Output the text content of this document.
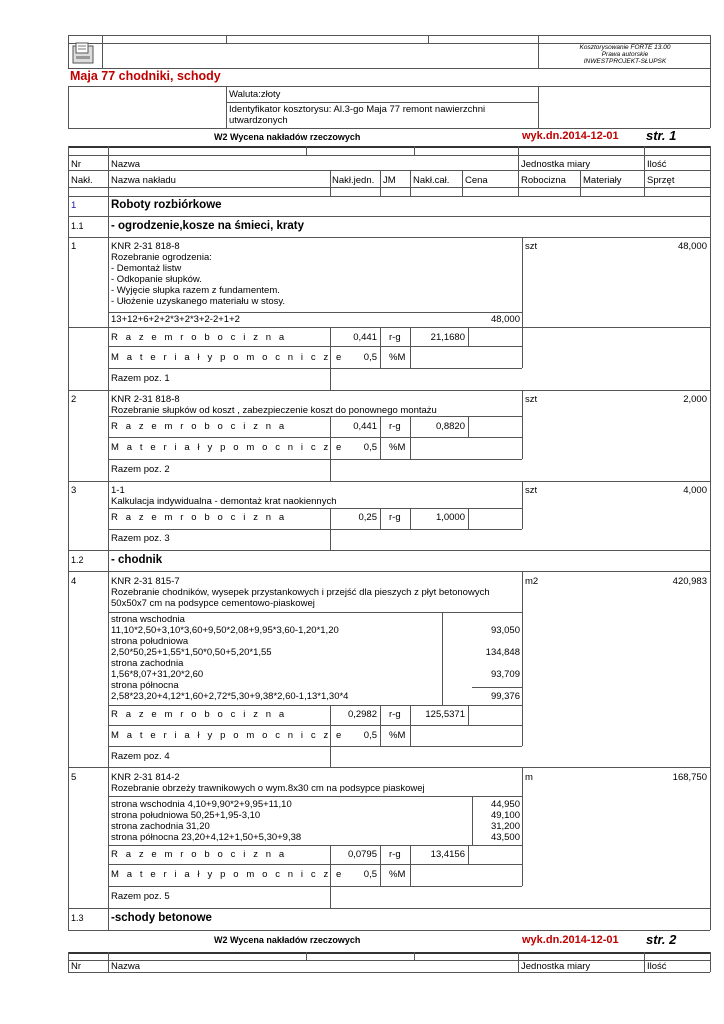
Kosztorysowanie FORTE 13.00
Prawa autorskie
INWESTPROJEKT-SŁUPSK
Maja 77 chodniki, schody
Waluta:złoty
Identyfikator kosztorysu: Al.3-go Maja 77 remont nawierzchni
utwardzonych
W2 Wycena nakładów rzeczowych	wyk.dn.2014-12-01 str. 1
Nr	Nazwa	Jednostka miary	Ilość
Nakł. Nazwa nakładu	Nakł.jedn. JM Nakł.cał. Cena	Robocizna Materiały	Sprzęt
1	Roboty rozbiórkowe
1.1 - ogrodzenie,kosze na śmieci, kraty
1	KNR 2-31 818-8
Rozebranie ogrodzenia:
- Demontaż listw
- Odkopanie słupków.
- Wyjęcie słupka razem z fundamentem.
- Ułożenie uzyskanego materiału w stosy.
szt	48,000
13+12+6+2+2*3+2*3+2-2+1+2	48,000
R a z e m r o b o c i z n a	0,441 r-g	21,1680
M a t e r i a ł y p o m o c n i c z e	0,5 %M
Razem poz. 1
2	KNR 2-31 818-8
Rozebranie słupków od koszt , zabezpieczenie koszt do ponownego montażu
szt	2,000
R a z e m r o b o c i z n a	0,441 r-g	0,8820
M a t e r i a ł y p o m o c n i c z e	0,5 %M
Razem poz. 2
3	1-1
Kalkulacja indywidualna - demontaż krat naokiennych
szt	4,000
R a z e m r o b o c i z n a	0,25 r-g	1,0000
Razem poz. 3
1.2 - chodnik
4	KNR 2-31 815-7
Rozebranie chodników, wysepek przystankowych i przejść dla pieszych z płyt betonowych
50x50x7 cm na podsypce cementowo-piaskowej
m2	420,983
strona wschodnia
11,10*2,50+3,10*3,60+9,50*2,08+9,95*3,60-1,20*1,20	93,050
strona południowa
2,50*50,25+1,55*1,50*0,50+5,20*1,55	134,848
strona zachodnia
1,56*8,07+31,20*2,60	93,709
strona północna
2,58*23,20+4,12*1,60+2,72*5,30+9,38*2,60-1,13*1,30*4	99,376
R a z e m r o b o c i z n a	0,2982 r-g	125,5371
M a t e r i a ł y p o m o c n i c z e	0,5 %M
Razem poz. 4
5	KNR 2-31 814-2
Rozebranie obrzeży trawnikowych o wym.8x30 cm na podsypce piaskowej
m	168,750
strona wschodnia 4,10+9,90*2+9,95+11,10	44,950
strona południowa 50,25+1,95-3,10	49,100
strona zachodnia 31,20	31,200
strona północna 23,20+4,12+1,50+5,30+9,38	43,500
R a z e m r o b o c i z n a	0,0795 r-g	13,4156
M a t e r i a ł y p o m o c n i c z e	0,5 %M
Razem poz. 5
1.3 -schody betonowe
W2 Wycena nakładów rzeczowych	wyk.dn.2014-12-01 str. 2
Nr	Nazwa	Jednostka miary	Ilość
